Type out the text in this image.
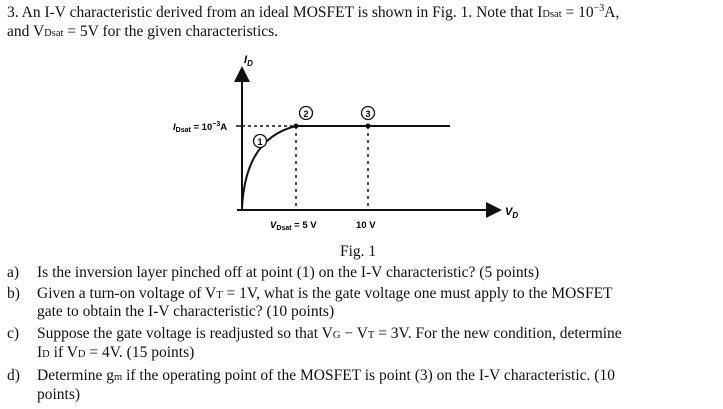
3. An I-V characteristic derived from an ideal MOSFET is shown in Fig. 1. Note that IDsat = $10^{-3}A$,
and VDsat = 5V for the given characteristics.
$I_D$
$V_D$
$I_{Dsat} = 10^{-3}A$
$V_{Dsat} = 5$ V	10 V
1
2	3
Fig. 1
a) Is the inversion layer pinched off at point (1) on the I-V characteristic? (5 points)
b) Given a turn-on voltage of VT = 1V, what is the gate voltage one must apply to the MOSFET
gate to obtain the I-V characteristic? (10 points)
c) Suppose the gate voltage is readjusted so that VG − VT = 3V. For the new condition, determine
ID if VD = 4V. (15 points)
d) Determine gm if the operating point of the MOSFET is point (3) on the I-V characteristic. (10
points)
